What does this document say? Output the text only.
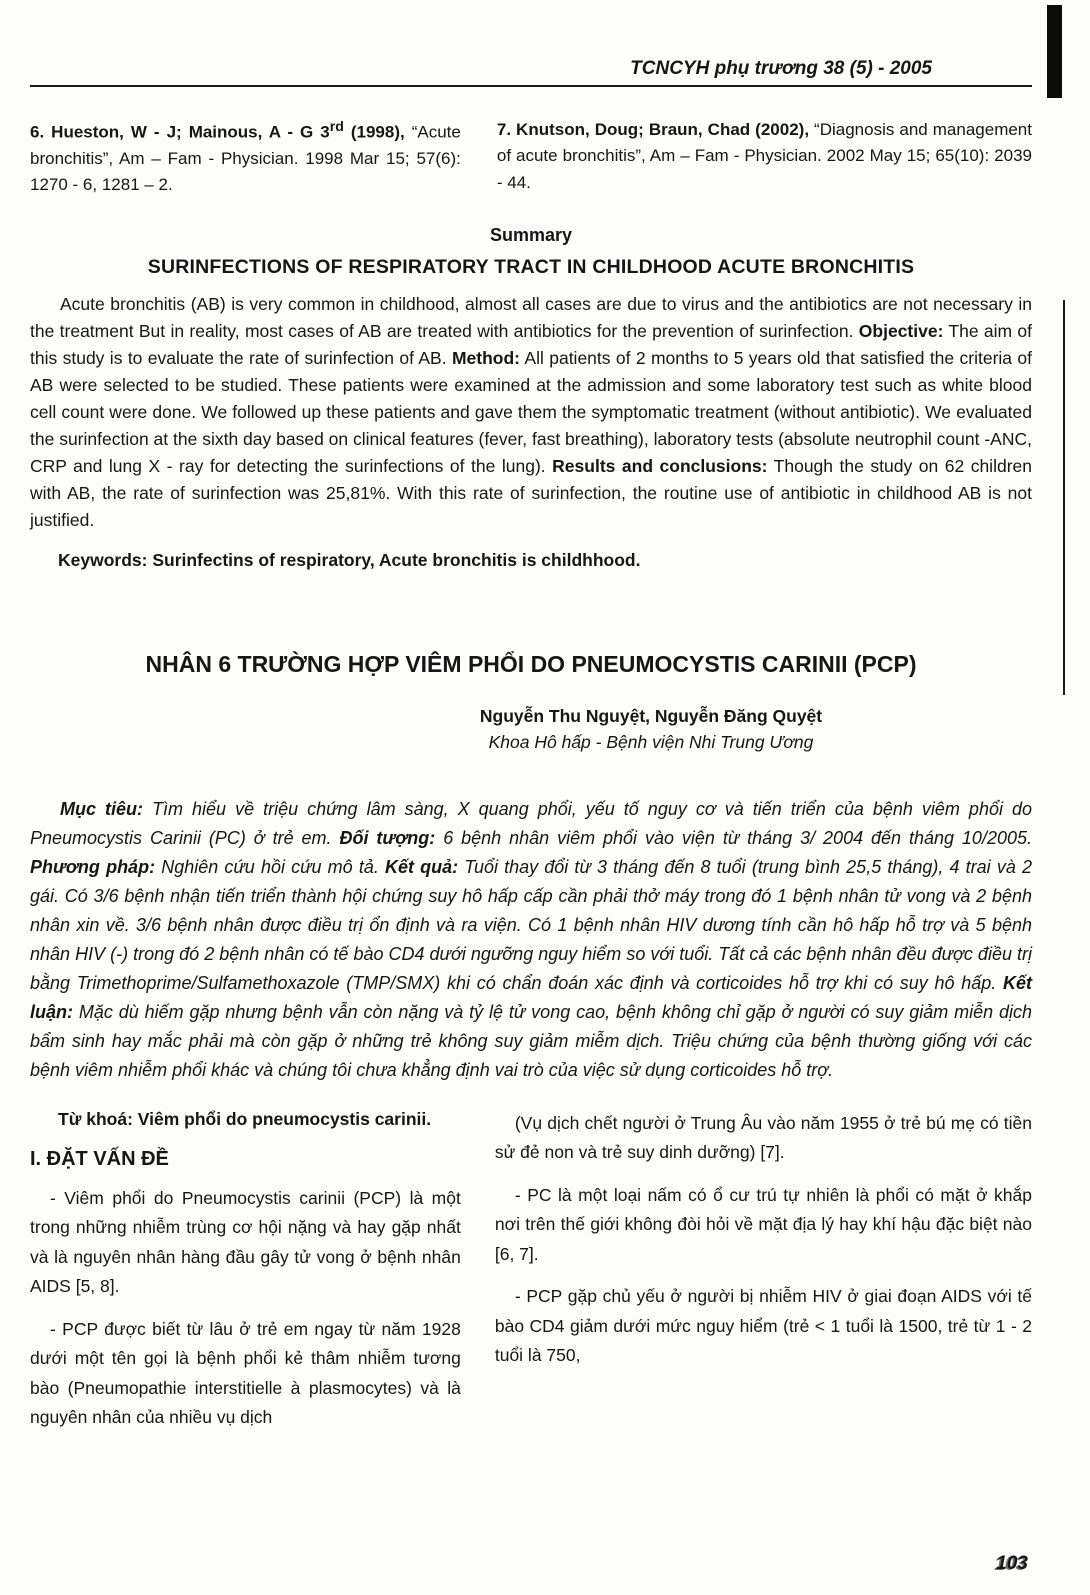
TCNCYH phụ trương 38 (5) - 2005

6. Hueston, W - J; Mainous, A - G 3rd (1998), “Acute bronchitis”, Am – Fam - Physician. 1998 Mar 15; 57(6): 1270 - 6, 1281 – 2.

7. Knutson, Doug; Braun, Chad (2002), “Diagnosis and management of acute bronchitis”, Am – Fam - Physician. 2002 May 15; 65(10): 2039 - 44.

Summary
SURINFECTIONS OF RESPIRATORY TRACT IN CHILDHOOD ACUTE BRONCHITIS

Acute bronchitis (AB) is very common in childhood, almost all cases are due to virus and the antibiotics are not necessary in the treatment But in reality, most cases of AB are treated with antibiotics for the prevention of surinfection. Objective: The aim of this study is to evaluate the rate of surinfection of AB. Method: All patients of 2 months to 5 years old that satisfied the criteria of AB were selected to be studied. These patients were examined at the admission and some laboratory test such as white blood cell count were done. We followed up these patients and gave them the symptomatic treatment (without antibiotic). We evaluated the surinfection at the sixth day based on clinical features (fever, fast breathing), laboratory tests (absolute neutrophil count -ANC, CRP and lung X - ray for detecting the surinfections of the lung). Results and conclusions: Though the study on 62 children with AB, the rate of surinfection was 25,81%. With this rate of surinfection, the routine use of antibiotic in childhood AB is not justified.

Keywords: Surinfectins of respiratory, Acute bronchitis is childhhood.

NHÂN 6 TRƯỜNG HỢP VIÊM PHỔI DO PNEUMOCYSTIS CARINII (PCP)

Nguyễn Thu Nguyệt, Nguyễn Đăng Quyệt

Khoa Hô hấp - Bệnh viện Nhi Trung Ương

Mục tiêu: Tìm hiểu về triệu chứng lâm sàng, X quang phổi, yếu tố nguy cơ và tiến triển của bệnh viêm phổi do Pneumocystis Carinii (PC) ở trẻ em. Đối tượng: 6 bệnh nhân viêm phổi vào viện từ tháng 3/ 2004 đến tháng 10/2005. Phương pháp: Nghiên cứu hồi cứu mô tả. Kết quả: Tuổi thay đổi từ 3 tháng đến 8 tuổi (trung bình 25,5 tháng), 4 trai và 2 gái. Có 3/6 bệnh nhận tiến triển thành hội chứng suy hô hấp cấp cần phải thở máy trong đó 1 bệnh nhân tử vong và 2 bệnh nhân xin về. 3/6 bệnh nhân được điều trị ổn định và ra viện. Có 1 bệnh nhân HIV dương tính cần hô hấp hỗ trợ và 5 bệnh nhân HIV (-) trong đó 2 bệnh nhân có tế bào CD4 dưới ngưỡng nguy hiểm so với tuổi. Tất cả các bệnh nhân đều được điều trị bằng Trimethoprime/Sulfamethoxazole (TMP/SMX) khi có chẩn đoán xác định và corticoides hỗ trợ khi có suy hô hấp. Kết luận: Mặc dù hiếm gặp nhưng bệnh vẫn còn nặng và tỷ lệ tử vong cao, bệnh không chỉ gặp ở người có suy giảm miễn dịch bẩm sinh hay mắc phải mà còn gặp ở những trẻ không suy giảm miễm dịch. Triệu chứng của bệnh thường giống với các bệnh viêm nhiễm phổi khác và chúng tôi chưa khẳng định vai trò của việc sử dụng corticoides hỗ trợ.

Từ khoá: Viêm phổi do pneumocystis carinii.

I. ĐẶT VẤN ĐỀ

- Viêm phổi do Pneumocystis carinii (PCP) là một trong những nhiễm trùng cơ hội nặng và hay gặp nhất và là nguyên nhân hàng đầu gây tử vong ở bệnh nhân AIDS [5, 8].

- PCP được biết từ lâu ở trẻ em ngay từ năm 1928 dưới một tên gọi là bệnh phổi kẻ thâm nhiễm tương bào (Pneumopathie interstitielle à plasmocytes) và là nguyên nhân của nhiều vụ dịch

(Vụ dịch chết người ở Trung Âu vào năm 1955 ở trẻ bú mẹ có tiền sử đẻ non và trẻ suy dinh dưỡng) [7].

- PC là một loại nấm có ổ cư trú tự nhiên là phổi có mặt ở khắp nơi trên thế giới không đòi hỏi về mặt địa lý hay khí hậu đặc biệt nào [6, 7].

- PCP gặp chủ yếu ở người bị nhiễm HIV ở giai đoạn AIDS với tế bào CD4 giảm dưới mức nguy hiểm (trẻ < 1 tuổi là 1500, trẻ từ 1 - 2 tuổi là 750,

103
